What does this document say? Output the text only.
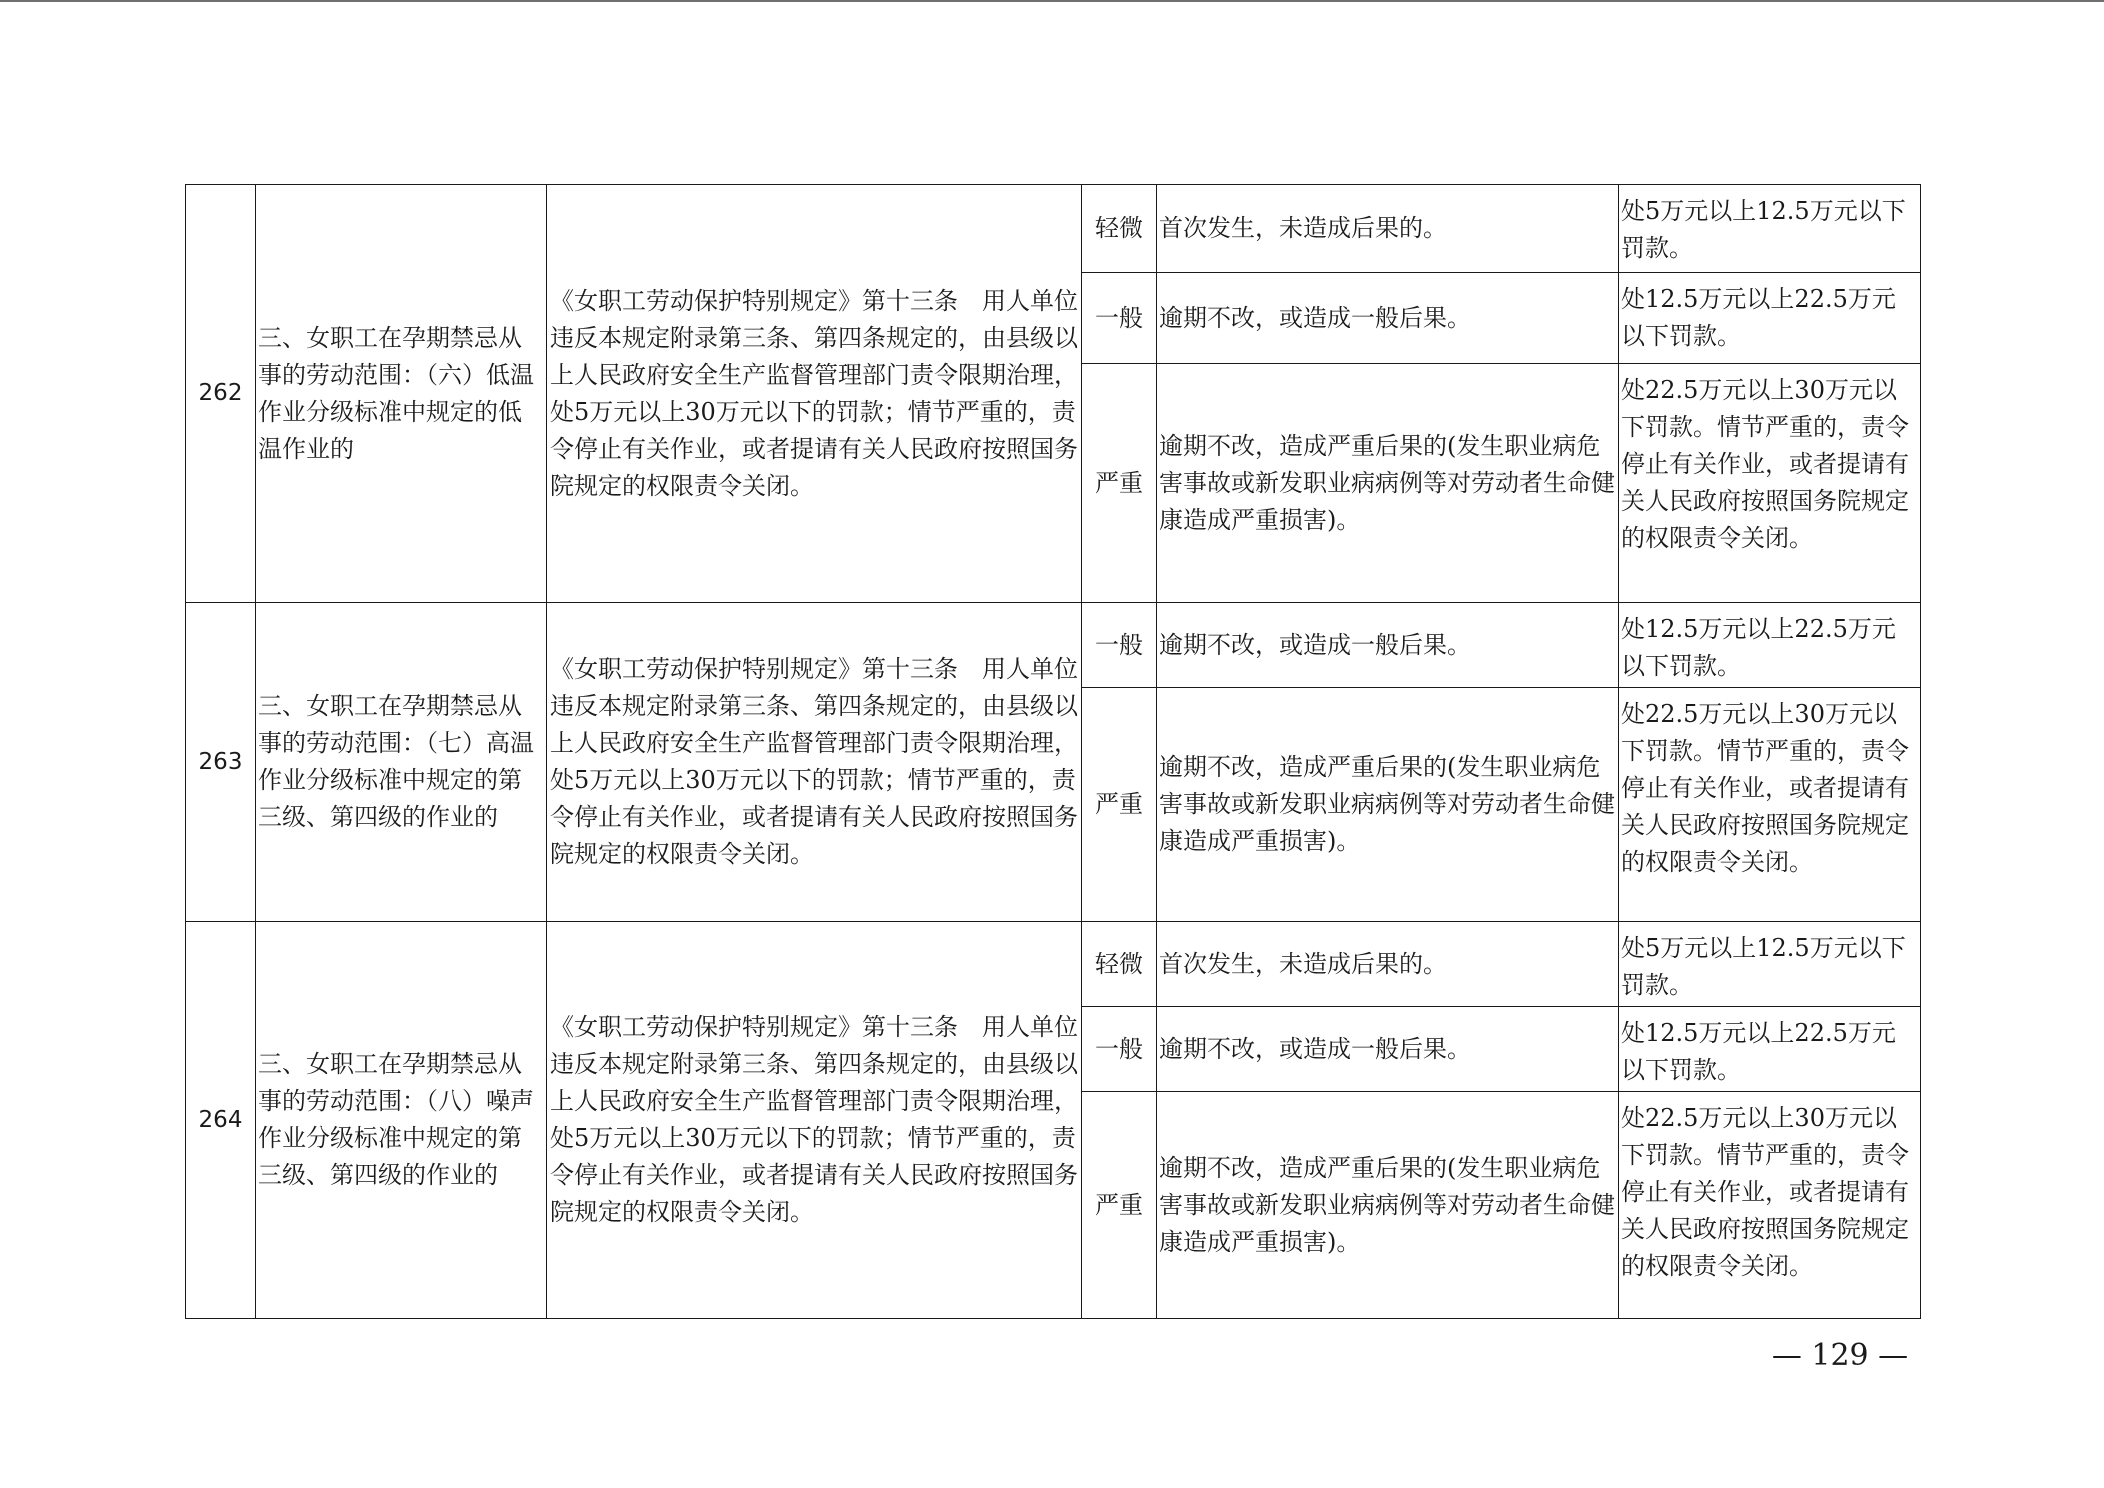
262	三、女职工在孕期禁忌从事的劳动范围：（六）低温作业分级标准中规定的低温作业的	《女职工劳动保护特别规定》第十三条　用人单位违反本规定附录第三条、第四条规定的，由县级以上人民政府安全生产监督管理部门责令限期治理，处5万元以上30万元以下的罚款；情节严重的，责令停止有关作业，或者提请有关人民政府按照国务院规定的权限责令关闭。	轻微	首次发生，未造成后果的。	处5万元以上12.5万元以下罚款。
			一般	逾期不改，或造成一般后果。	处12.5万元以上22.5万元以下罚款。
			严重	逾期不改，造成严重后果的(发生职业病危害事故或新发职业病病例等对劳动者生命健康造成严重损害)。	处22.5万元以上30万元以下罚款。情节严重的，责令停止有关作业，或者提请有关人民政府按照国务院规定的权限责令关闭。
263	三、女职工在孕期禁忌从事的劳动范围：（七）高温作业分级标准中规定的第三级、第四级的作业的	《女职工劳动保护特别规定》第十三条　用人单位违反本规定附录第三条、第四条规定的，由县级以上人民政府安全生产监督管理部门责令限期治理，处5万元以上30万元以下的罚款；情节严重的，责令停止有关作业，或者提请有关人民政府按照国务院规定的权限责令关闭。	一般	逾期不改，或造成一般后果。	处12.5万元以上22.5万元以下罚款。
			严重	逾期不改，造成严重后果的(发生职业病危害事故或新发职业病病例等对劳动者生命健康造成严重损害)。	处22.5万元以上30万元以下罚款。情节严重的，责令停止有关作业，或者提请有关人民政府按照国务院规定的权限责令关闭。
264	三、女职工在孕期禁忌从事的劳动范围：（八）噪声作业分级标准中规定的第三级、第四级的作业的	《女职工劳动保护特别规定》第十三条　用人单位违反本规定附录第三条、第四条规定的，由县级以上人民政府安全生产监督管理部门责令限期治理，处5万元以上30万元以下的罚款；情节严重的，责令停止有关作业，或者提请有关人民政府按照国务院规定的权限责令关闭。	轻微	首次发生，未造成后果的。	处5万元以上12.5万元以下罚款。
			一般	逾期不改，或造成一般后果。	处12.5万元以上22.5万元以下罚款。
			严重	逾期不改，造成严重后果的(发生职业病危害事故或新发职业病病例等对劳动者生命健康造成严重损害)。	处22.5万元以上30万元以下罚款。情节严重的，责令停止有关作业，或者提请有关人民政府按照国务院规定的权限责令关闭。
— 129 —
